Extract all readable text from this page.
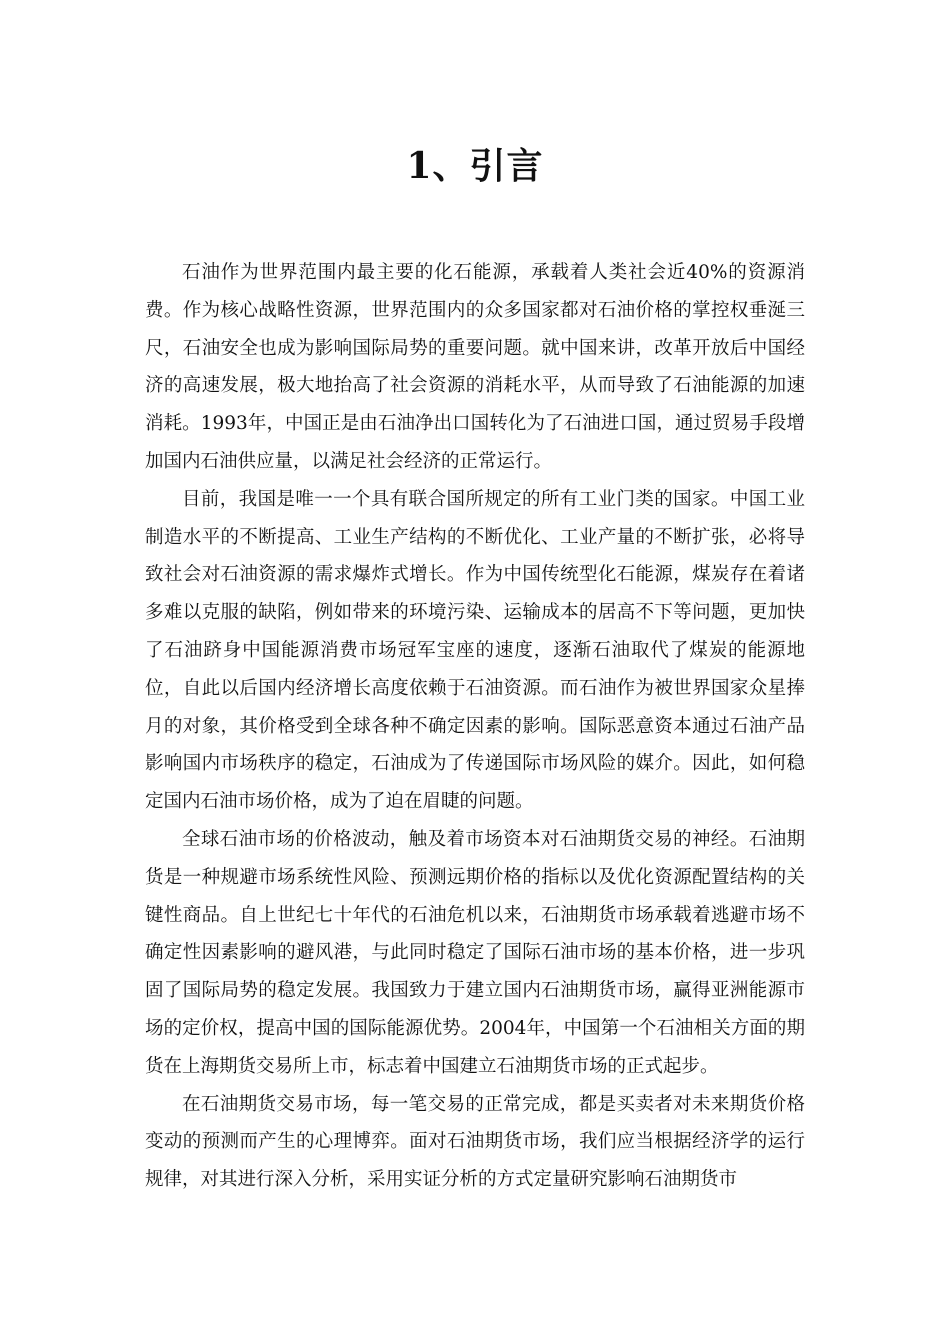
1、引言

石油作为世界范围内最主要的化石能源，承载着人类社会近40%的资源消费。作为核心战略性资源，世界范围内的众多国家都对石油价格的掌控权垂涎三尺，石油安全也成为影响国际局势的重要问题。就中国来讲，改革开放后中国经济的高速发展，极大地抬高了社会资源的消耗水平，从而导致了石油能源的加速消耗。1993年，中国正是由石油净出口国转化为了石油进口国，通过贸易手段增加国内石油供应量，以满足社会经济的正常运行。

目前，我国是唯一一个具有联合国所规定的所有工业门类的国家。中国工业制造水平的不断提高、工业生产结构的不断优化、工业产量的不断扩张，必将导致社会对石油资源的需求爆炸式增长。作为中国传统型化石能源，煤炭存在着诸多难以克服的缺陷，例如带来的环境污染、运输成本的居高不下等问题，更加快了石油跻身中国能源消费市场冠军宝座的速度，逐渐石油取代了煤炭的能源地位，自此以后国内经济增长高度依赖于石油资源。而石油作为被世界国家众星捧月的对象，其价格受到全球各种不确定因素的影响。国际恶意资本通过石油产品影响国内市场秩序的稳定，石油成为了传递国际市场风险的媒介。因此，如何稳定国内石油市场价格，成为了迫在眉睫的问题。

全球石油市场的价格波动，触及着市场资本对石油期货交易的神经。石油期货是一种规避市场系统性风险、预测远期价格的指标以及优化资源配置结构的关键性商品。自上世纪七十年代的石油危机以来，石油期货市场承载着逃避市场不确定性因素影响的避风港，与此同时稳定了国际石油市场的基本价格，进一步巩固了国际局势的稳定发展。我国致力于建立国内石油期货市场，赢得亚洲能源市场的定价权，提高中国的国际能源优势。2004年，中国第一个石油相关方面的期货在上海期货交易所上市，标志着中国建立石油期货市场的正式起步。

在石油期货交易市场，每一笔交易的正常完成，都是买卖者对未来期货价格变动的预测而产生的心理博弈。面对石油期货市场，我们应当根据经济学的运行规律，对其进行深入分析，采用实证分析的方式定量研究影响石油期货市
